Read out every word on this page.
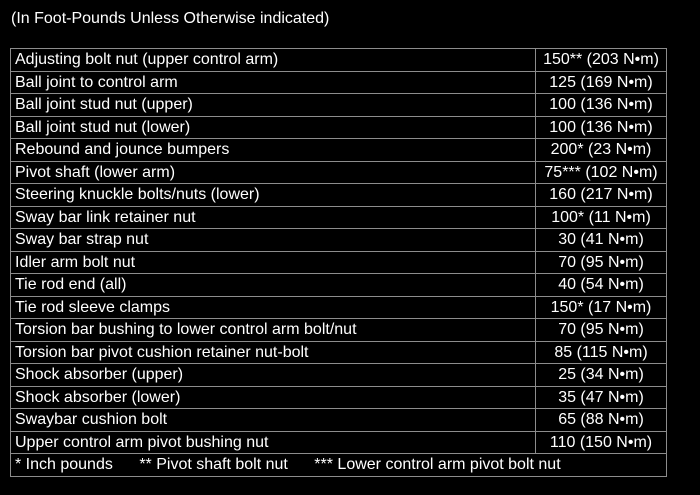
(In Foot-Pounds Unless Otherwise indicated)
Adjusting bolt nut (upper control arm)	150** (203 N•m)
Ball joint to control arm	125 (169 N•m)
Ball joint stud nut (upper)	100 (136 N•m)
Ball joint stud nut (lower)	100 (136 N•m)
Rebound and jounce bumpers	200* (23 N•m)
Pivot shaft (lower arm)	75*** (102 N•m)
Steering knuckle bolts/nuts (lower)	160 (217 N•m)
Sway bar link retainer nut	100* (11 N•m)
Sway bar strap nut	30 (41 N•m)
Idler arm bolt nut	70 (95 N•m)
Tie rod end (all)	40 (54 N•m)
Tie rod sleeve clamps	150* (17 N•m)
Torsion bar bushing to lower control arm bolt/nut	70 (95 N•m)
Torsion bar pivot cushion retainer nut-bolt	85 (115 N•m)
Shock absorber (upper)	25 (34 N•m)
Shock absorber (lower)	35 (47 N•m)
Swaybar cushion bolt	65 (88 N•m)
Upper control arm pivot bushing nut	110 (150 N•m)
* Inch pounds ** Pivot shaft bolt nut *** Lower control arm pivot bolt nut	
